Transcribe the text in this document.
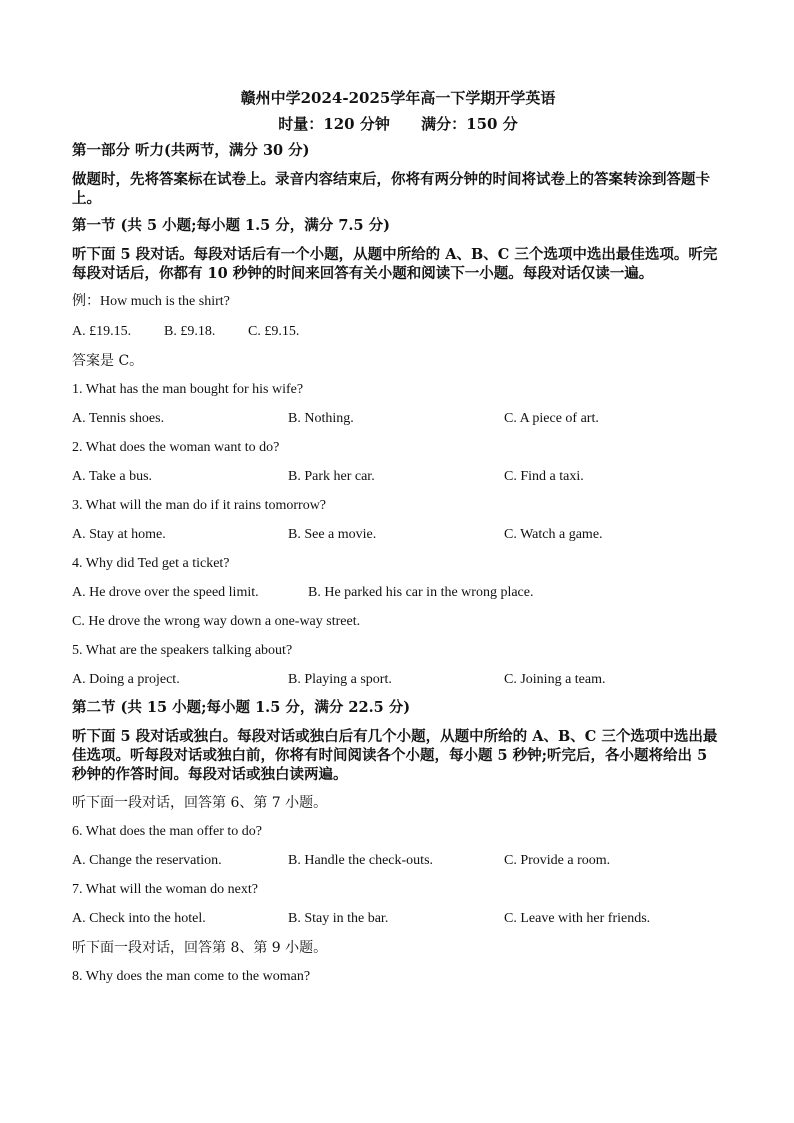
赣州中学2024-2025学年高一下学期开学英语

时量：120 分钟      满分：150 分

第一部分 听力(共两节，满分 30 分)

做题时，先将答案标在试卷上。录音内容结束后，你将有两分钟的时间将试卷上的答案转涂到答题卡上。

第一节 (共 5 小题;每小题 1.5 分，满分 7.5 分)

听下面 5 段对话。每段对话后有一个小题，从题中所给的 A、B、C 三个选项中选出最佳选项。听完每段对话后，你都有 10 秒钟的时间来回答有关小题和阅读下一小题。每段对话仅读一遍。

例：How much is the shirt?

A. £19.15. B. £9.18. C. £9.15.

答案是 C。

1. What has the man bought for his wife?

A. Tennis shoes.	B. Nothing.	C. A piece of art.

2. What does the woman want to do?

A. Take a bus.	B. Park her car.	C. Find a taxi.

3. What will the man do if it rains tomorrow?

A. Stay at home.	B. See a movie.	C. Watch a game.

4. Why did Ted get a ticket?

A. He drove over the speed limit.	B. He parked his car in the wrong place.

C. He drove the wrong way down a one-way street.

5. What are the speakers talking about?

A. Doing a project.	B. Playing a sport.	C. Joining a team.

第二节 (共 15 小题;每小题 1.5 分，满分 22.5 分)

听下面 5 段对话或独白。每段对话或独白后有几个小题，从题中所给的 A、B、C 三个选项中选出最佳选项。听每段对话或独白前，你将有时间阅读各个小题，每小题 5 秒钟;听完后，各小题将给出 5 秒钟的作答时间。每段对话或独白读两遍。

听下面一段对话，回答第 6、第 7 小题。

6. What does the man offer to do?

A. Change the reservation.	B. Handle the check-outs.	C. Provide a room.

7. What will the woman do next?

A. Check into the hotel.	B. Stay in the bar.	C. Leave with her friends.

听下面一段对话，回答第 8、第 9 小题。

8. Why does the man come to the woman?
